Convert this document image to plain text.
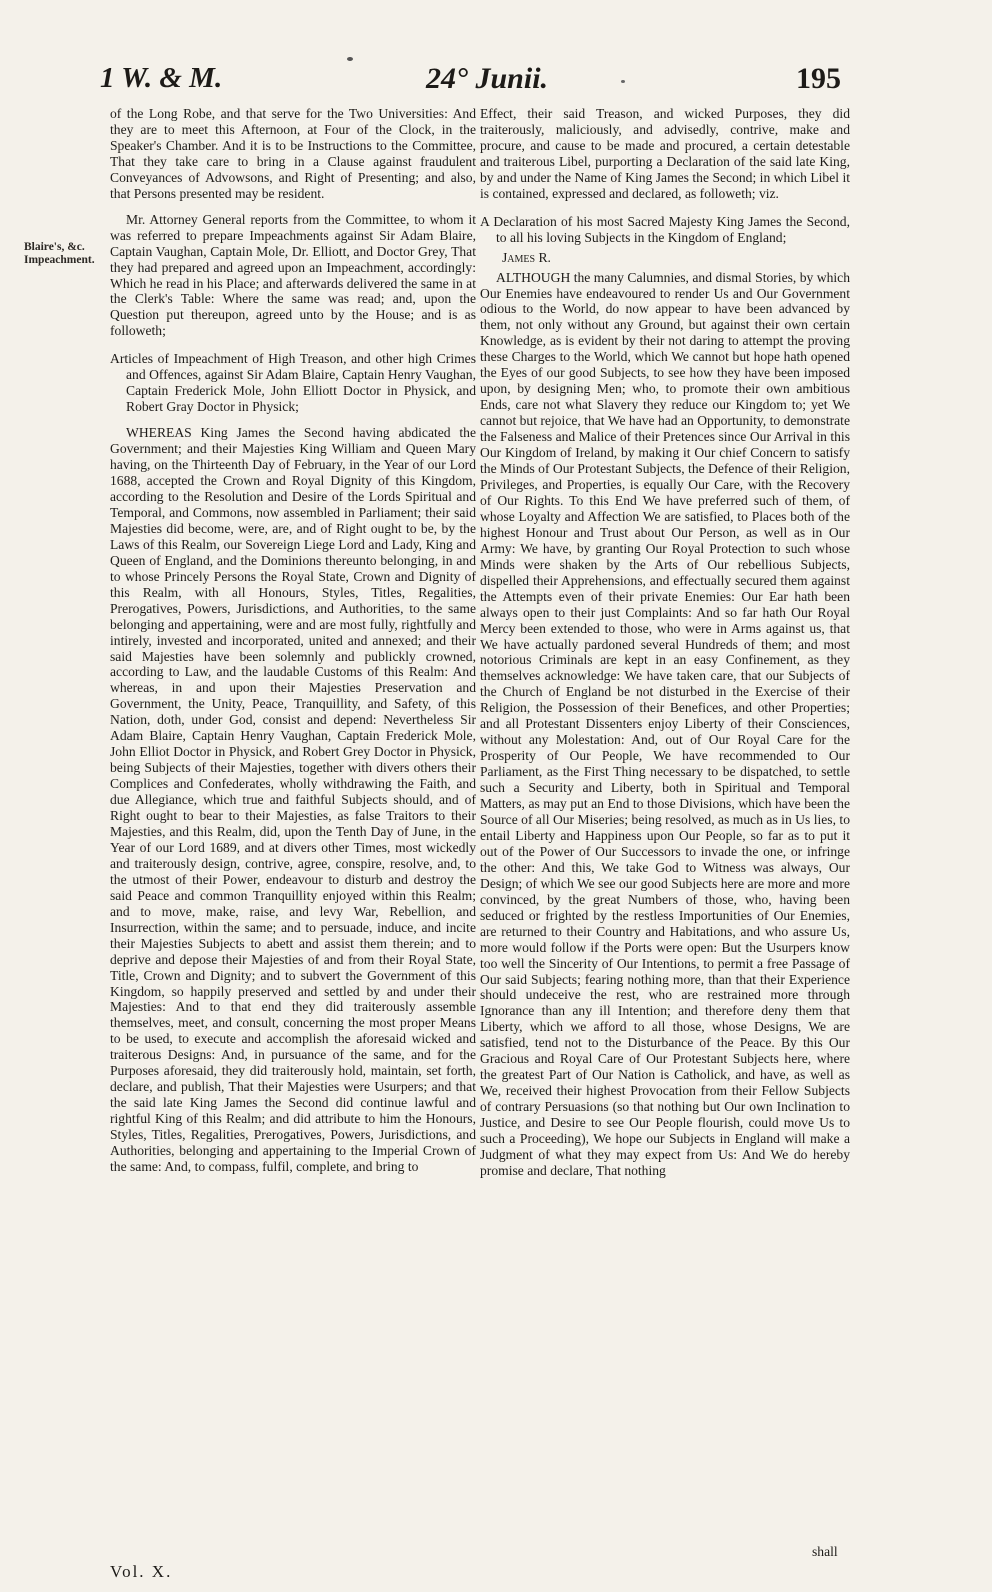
1 W. & M.	24° Junii.	195

Blaire's, &c. Impeachment.

of the Long Robe, and that serve for the Two Universities: And they are to meet this Afternoon, at Four of the Clock, in the Speaker's Chamber. And it is to be Instructions to the Committee, That they take care to bring in a Clause against fraudulent Conveyances of Advowsons, and Right of Presenting; and also, that Persons presented may be resident.

Mr. Attorney General reports from the Committee, to whom it was referred to prepare Impeachments against Sir Adam Blaire, Captain Vaughan, Captain Mole, Dr. Elliott, and Doctor Grey, That they had prepared and agreed upon an Impeachment, accordingly: Which he read in his Place; and afterwards delivered the same in at the Clerk's Table: Where the same was read; and, upon the Question put thereupon, agreed unto by the House; and is as followeth;

Articles of Impeachment of High Treason, and other high Crimes and Offences, against Sir Adam Blaire, Captain Henry Vaughan, Captain Frederick Mole, John Elliott Doctor in Physick, and Robert Gray Doctor in Physick;

WHEREAS King James the Second having abdicated the Government; and their Majesties King William and Queen Mary having, on the Thirteenth Day of February, in the Year of our Lord 1688, accepted the Crown and Royal Dignity of this Kingdom, according to the Resolution and Desire of the Lords Spiritual and Temporal, and Commons, now assembled in Parliament; their said Majesties did become, were, are, and of Right ought to be, by the Laws of this Realm, our Sovereign Liege Lord and Lady, King and Queen of England, and the Dominions thereunto belonging, in and to whose Princely Persons the Royal State, Crown and Dignity of this Realm, with all Honours, Styles, Titles, Regalities, Prerogatives, Powers, Jurisdictions, and Authorities, to the same belonging and appertaining, were and are most fully, rightfully and intirely, invested and incorporated, united and annexed; and their said Majesties have been solemnly and publickly crowned, according to Law, and the laudable Customs of this Realm: And whereas, in and upon their Majesties Preservation and Government, the Unity, Peace, Tranquillity, and Safety, of this Nation, doth, under God, consist and depend: Nevertheless Sir Adam Blaire, Captain Henry Vaughan, Captain Frederick Mole, John Elliot Doctor in Physick, and Robert Grey Doctor in Physick, being Subjects of their Majesties, together with divers others their Complices and Confederates, wholly withdrawing the Faith, and due Allegiance, which true and faithful Subjects should, and of Right ought to bear to their Majesties, as false Traitors to their Majesties, and this Realm, did, upon the Tenth Day of June, in the Year of our Lord 1689, and at divers other Times, most wickedly and traiterously design, contrive, agree, conspire, resolve, and, to the utmost of their Power, endeavour to disturb and destroy the said Peace and common Tranquillity enjoyed within this Realm; and to move, make, raise, and levy War, Rebellion, and Insurrection, within the same; and to persuade, induce, and incite their Majesties Subjects to abett and assist them therein; and to deprive and depose their Majesties of and from their Royal State, Title, Crown and Dignity; and to subvert the Government of this Kingdom, so happily preserved and settled by and under their Majesties: And to that end they did traiterously assemble themselves, meet, and consult, concerning the most proper Means to be used, to execute and accomplish the aforesaid wicked and traiterous Designs: And, in pursuance of the same, and for the Purposes aforesaid, they did traiterously hold, maintain, set forth, declare, and publish, That their Majesties were Usurpers; and that the said late King James the Second did continue lawful and rightful King of this Realm; and did attribute to him the Honours, Styles, Titles, Regalities, Prerogatives, Powers, Jurisdictions, and Authorities, belonging and appertaining to the Imperial Crown of the same: And, to compass, fulfil, complete, and bring to

Effect, their said Treason, and wicked Purposes, they did traiterously, maliciously, and advisedly, contrive, make and procure, and cause to be made and procured, a certain detestable and traiterous Libel, purporting a Declaration of the said late King, by and under the Name of King James the Second; in which Libel it is contained, expressed and declared, as followeth; viz.

A Declaration of his most Sacred Majesty King James the Second, to all his loving Subjects in the Kingdom of England;

James R.

ALTHOUGH the many Calumnies, and dismal Stories, by which Our Enemies have endeavoured to render Us and Our Government odious to the World, do now appear to have been advanced by them, not only without any Ground, but against their own certain Knowledge, as is evident by their not daring to attempt the proving these Charges to the World, which We cannot but hope hath opened the Eyes of our good Subjects, to see how they have been imposed upon, by designing Men; who, to promote their own ambitious Ends, care not what Slavery they reduce our Kingdom to; yet We cannot but rejoice, that We have had an Opportunity, to demonstrate the Falseness and Malice of their Pretences since Our Arrival in this Our Kingdom of Ireland, by making it Our chief Concern to satisfy the Minds of Our Protestant Subjects, the Defence of their Religion, Privileges, and Properties, is equally Our Care, with the Recovery of Our Rights. To this End We have preferred such of them, of whose Loyalty and Affection We are satisfied, to Places both of the highest Honour and Trust about Our Person, as well as in Our Army: We have, by granting Our Royal Protection to such whose Minds were shaken by the Arts of Our rebellious Subjects, dispelled their Apprehensions, and effectually secured them against the Attempts even of their private Enemies: Our Ear hath been always open to their just Complaints: And so far hath Our Royal Mercy been extended to those, who were in Arms against us, that We have actually pardoned several Hundreds of them; and most notorious Criminals are kept in an easy Confinement, as they themselves acknowledge: We have taken care, that our Subjects of the Church of England be not disturbed in the Exercise of their Religion, the Possession of their Benefices, and other Properties; and all Protestant Dissenters enjoy Liberty of their Consciences, without any Molestation: And, out of Our Royal Care for the Prosperity of Our People, We have recommended to Our Parliament, as the First Thing necessary to be dispatched, to settle such a Security and Liberty, both in Spiritual and Temporal Matters, as may put an End to those Divisions, which have been the Source of all Our Miseries; being resolved, as much as in Us lies, to entail Liberty and Happiness upon Our People, so far as to put it out of the Power of Our Successors to invade the one, or infringe the other: And this, We take God to Witness was always, Our Design; of which We see our good Subjects here are more and more convinced, by the great Numbers of those, who, having been seduced or frighted by the restless Importunities of Our Enemies, are returned to their Country and Habitations, and who assure Us, more would follow if the Ports were open: But the Usurpers know too well the Sincerity of Our Intentions, to permit a free Passage of Our said Subjects; fearing nothing more, than that their Experience should undeceive the rest, who are restrained more through Ignorance than any ill Intention; and therefore deny them that Liberty, which we afford to all those, whose Designs, We are satisfied, tend not to the Disturbance of the Peace. By this Our Gracious and Royal Care of Our Protestant Subjects here, where the greatest Part of Our Nation is Catholick, and have, as well as We, received their highest Provocation from their Fellow Subjects of contrary Persuasions (so that nothing but Our own Inclination to Justice, and Desire to see Our People flourish, could move Us to such a Proceeding), We hope our Subjects in England will make a Judgment of what they may expect from Us: And We do hereby promise and declare, That nothing

shall
Vol. X.
